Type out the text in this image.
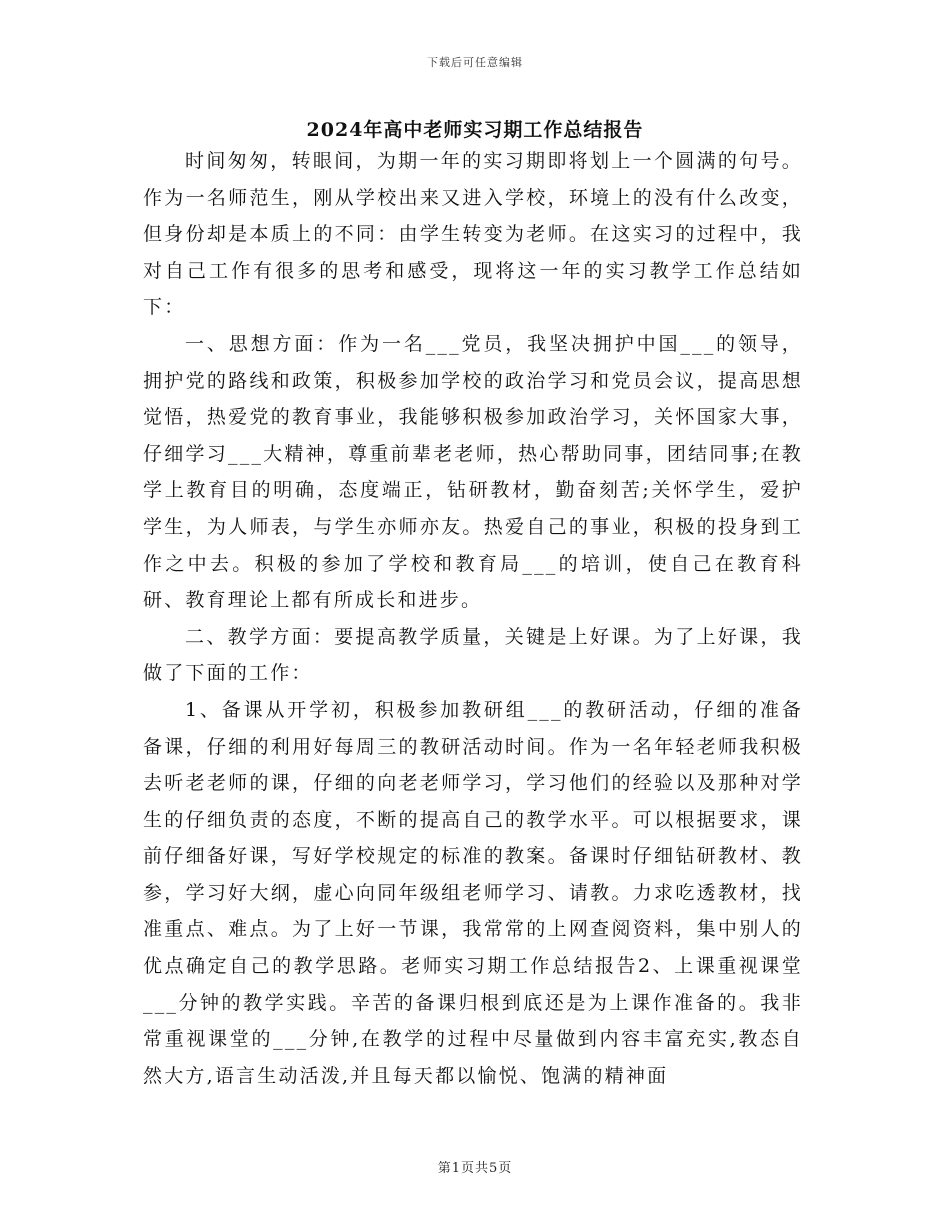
下载后可任意编辑
2024年高中老师实习期工作总结报告

时间匆匆，转眼间，为期一年的实习期即将划上一个圆满的句号。作为一名师范生，刚从学校出来又进入学校，环境上的没有什么改变，但身份却是本质上的不同：由学生转变为老师。在这实习的过程中，我对自己工作有很多的思考和感受，现将这一年的实习教学工作总结如下：

一、思想方面：作为一名___党员，我坚决拥护中国___的领导，拥护党的路线和政策，积极参加学校的政治学习和党员会议，提高思想觉悟，热爱党的教育事业，我能够积极参加政治学习，关怀国家大事，仔细学习___大精神，尊重前辈老老师，热心帮助同事，团结同事;在教学上教育目的明确，态度端正，钻研教材，勤奋刻苦;关怀学生，爱护学生，为人师表，与学生亦师亦友。热爱自己的事业，积极的投身到工作之中去。积极的参加了学校和教育局___的培训，使自己在教育科研、教育理论上都有所成长和进步。

二、教学方面：要提高教学质量，关键是上好课。为了上好课，我做了下面的工作：

1、备课从开学初，积极参加教研组___的教研活动，仔细的准备备课，仔细的利用好每周三的教研活动时间。作为一名年轻老师我积极去听老老师的课，仔细的向老老师学习，学习他们的经验以及那种对学生的仔细负责的态度，不断的提高自己的教学水平。可以根据要求，课前仔细备好课，写好学校规定的标准的教案。备课时仔细钻研教材、教参，学习好大纲，虚心向同年级组老师学习、请教。力求吃透教材，找准重点、难点。为了上好一节课，我常常的上网查阅资料，集中别人的优点确定自己的教学思路。老师实习期工作总结报告2、上课重视课堂___分钟的教学实践。辛苦的备课归根到底还是为上课作准备的。我非常重视课堂的___分钟,在教学的过程中尽量做到内容丰富充实,教态自然大方,语言生动活泼,并且每天都以愉悦、饱满的精神面

第1页共5页
